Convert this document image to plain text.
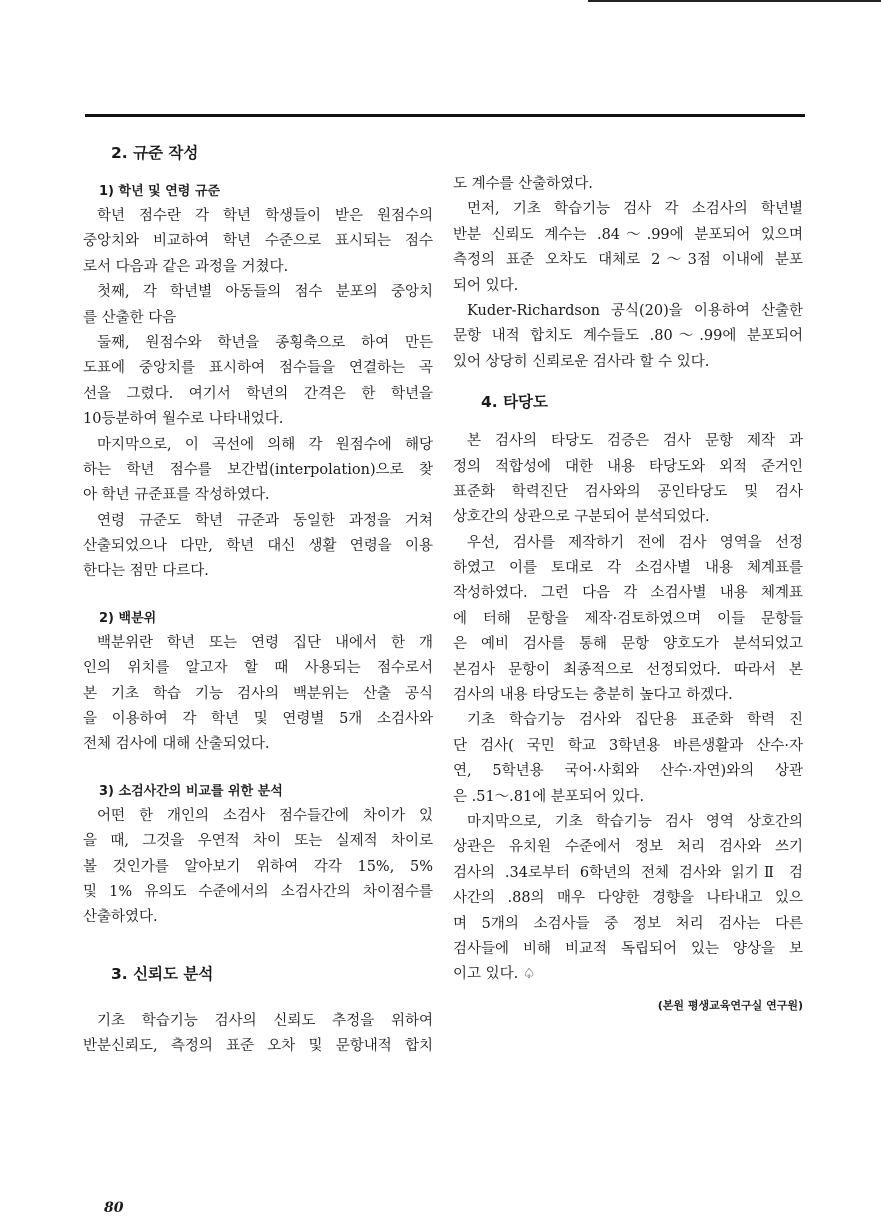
2. 규준 작성
1) 학년 및 연령 규준
학년 점수란 각 학년 학생들이 받은 원점수의
중앙치와 비교하여 학년 수준으로 표시되는 점수
로서 다음과 같은 과정을 거쳤다.
첫째, 각 학년별 아동들의 점수 분포의 중앙치
를 산출한 다음
둘째, 원점수와 학년을 종횡축으로 하여 만든
도표에 중앙치를 표시하여 점수들을 연결하는 곡
선을 그렸다. 여기서 학년의 간격은 한 학년을
10등분하여 월수로 나타내었다.
마지막으로, 이 곡선에 의해 각 원점수에 해당
하는 학년 점수를 보간법(interpolation)으로 찾
아 학년 규준표를 작성하였다.
연령 규준도 학년 규준과 동일한 과정을 거쳐
산출되었으나 다만, 학년 대신 생활 연령을 이용
한다는 점만 다르다.
2) 백분위
백분위란 학년 또는 연령 집단 내에서 한 개
인의 위치를 알고자 할 때 사용되는 점수로서
본 기초 학습 기능 검사의 백분위는 산출 공식
을 이용하여 각 학년 및 연령별 5개 소검사와
전체 검사에 대해 산출되었다.
3) 소검사간의 비교를 위한 분석
어떤 한 개인의 소검사 점수들간에 차이가 있
을 때, 그것을 우연적 차이 또는 실제적 차이로
볼 것인가를 알아보기 위하여 각각 15%, 5%
및 1% 유의도 수준에서의 소검사간의 차이점수를
산출하였다.
3. 신뢰도 분석
기초 학습기능 검사의 신뢰도 추정을 위하여
반분신뢰도, 측정의 표준 오차 및 문항내적 합치
도 계수를 산출하였다.
먼저, 기초 학습기능 검사 각 소검사의 학년별
반분 신뢰도 계수는 .84～.99에 분포되어 있으며
측정의 표준 오차도 대체로 2～3점 이내에 분포
되어 있다.
Kuder-Richardson 공식(20)을 이용하여 산출한
문항 내적 합치도 계수들도 .80～.99에 분포되어
있어 상당히 신뢰로운 검사라 할 수 있다.
4. 타당도
본 검사의 타당도 검증은 검사 문항 제작 과
정의 적합성에 대한 내용 타당도와 외적 준거인
표준화 학력진단 검사와의 공인타당도 및 검사
상호간의 상관으로 구분되어 분석되었다.
우선, 검사를 제작하기 전에 검사 영역을 선정
하였고 이를 토대로 각 소검사별 내용 체계표를
작성하였다. 그런 다음 각 소검사별 내용 체계표
에 터해 문항을 제작·검토하였으며 이들 문항들
은 예비 검사를 통해 문항 양호도가 분석되었고
본검사 문항이 최종적으로 선정되었다. 따라서 본
검사의 내용 타당도는 충분히 높다고 하겠다.
기초 학습기능 검사와 집단용 표준화 학력 진
단 검사( 국민 학교 3학년용 바른생활과 산수·자
연, 5학년용 국어·사회와 산수·자연)와의 상관
은 .51～.81에 분포되어 있다.
마지막으로, 기초 학습기능 검사 영역 상호간의
상관은 유치원 수준에서 정보 처리 검사와 쓰기
검사의 .34로부터 6학년의 전체 검사와 읽기Ⅱ 검
사간의 .88의 매우 다양한 경향을 나타내고 있으
며 5개의 소검사들 중 정보 처리 검사는 다른
검사들에 비해 비교적 독립되어 있는 양상을 보
이고 있다. ♤
(본원 평생교육연구실 연구원)
80
